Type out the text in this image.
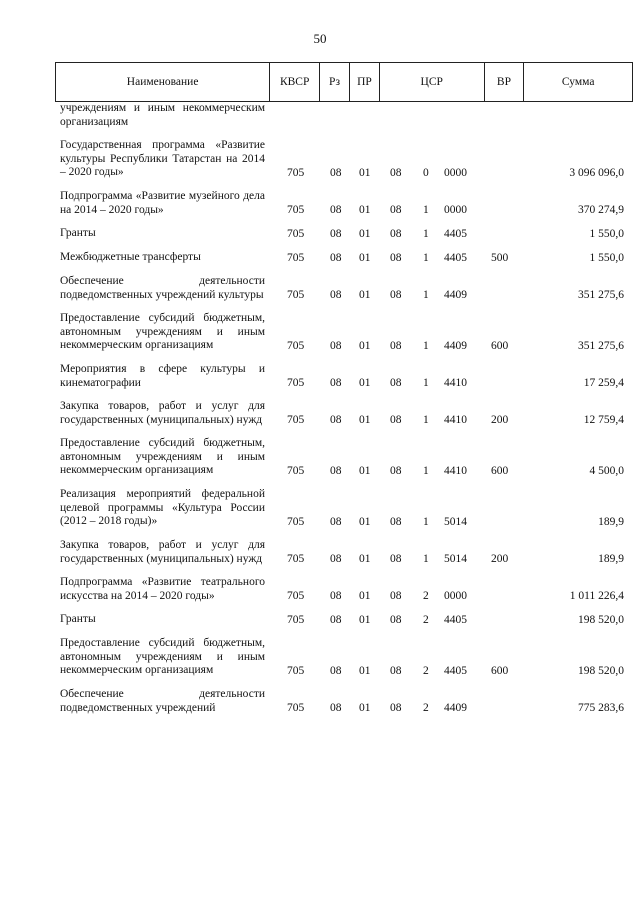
50
Наименование	КВСР	Рз	ПР	ЦСР	ВР	Сумма
учреждениям и иным некоммерческим организациям
Государственная программа «Развитие культуры Республики Татарстан на 2014 – 2020 годы»	705 08 01 08 0 0000	3 096 096,0
Подпрограмма «Развитие музейного дела на 2014 – 2020 годы»	705 08 01 08 1 0000	370 274,9
Гранты	705 08 01 08 1 4405	1 550,0
Межбюджетные трансферты	705 08 01 08 1 4405 500	1 550,0
Обеспечение деятельности подведомственных учреждений культуры 705 08 01 08 1 4409	351 275,6
Предоставление субсидий бюджетным, автономным учреждениям и иным некоммерческим организациям	705 08 01 08 1 4409 600	351 275,6
Мероприятия в сфере культуры и кинематографии	705 08 01 08 1 4410	17 259,4
Закупка товаров, работ и услуг для государственных (муниципальных) нужд 705 08 01 08 1 4410 200	12 759,4
Предоставление субсидий бюджетным, автономным учреждениям и иным некоммерческим организациям	705 08 01 08 1 4410 600	4 500,0
Реализация мероприятий федеральной целевой программы «Культура России (2012 – 2018 годы)»	705 08 01 08 1 5014	189,9
Закупка товаров, работ и услуг для государственных (муниципальных) нужд 705 08 01 08 1 5014 200	189,9
Подпрограмма «Развитие театрального искусства на 2014 – 2020 годы»	705 08 01 08 2 0000	1 011 226,4
Гранты	705 08 01 08 2 4405	198 520,0
Предоставление субсидий бюджетным, автономным учреждениям и иным некоммерческим организациям	705 08 01 08 2 4405 600	198 520,0
Обеспечение деятельности подведомственных учреждений	705 08 01 08 2 4409	775 283,6
